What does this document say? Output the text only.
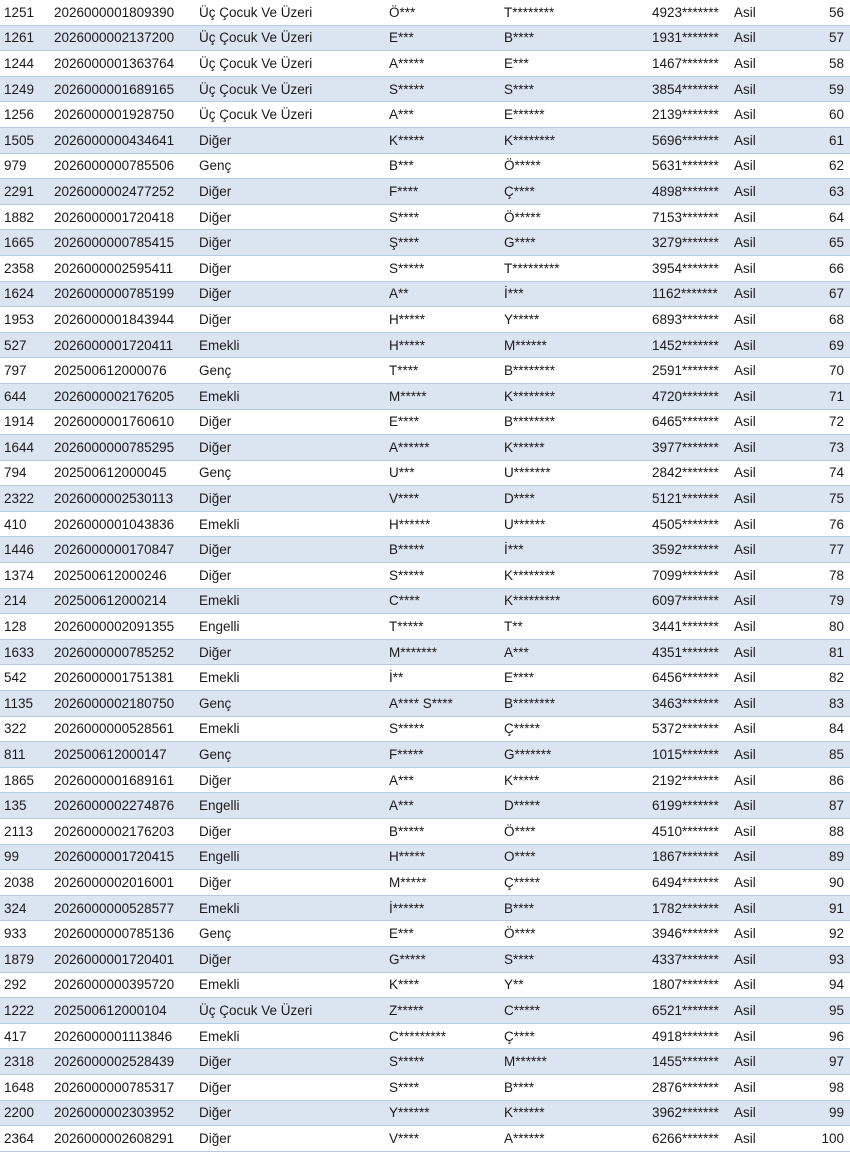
1251	2026000001809390	Üç Çocuk Ve Üzeri	Ö***	T********	4923*******	Asil	56
1261	2026000002137200	Üç Çocuk Ve Üzeri	E***	B****	1931*******	Asil	57
1244	2026000001363764	Üç Çocuk Ve Üzeri	A*****	E***	1467*******	Asil	58
1249	2026000001689165	Üç Çocuk Ve Üzeri	S*****	S****	3854*******	Asil	59
1256	2026000001928750	Üç Çocuk Ve Üzeri	A***	E******	2139*******	Asil	60
1505	2026000000434641	Diğer	K*****	K********	5696*******	Asil	61
979	2026000000785506	Genç	B***	Ö*****	5631*******	Asil	62
2291	2026000002477252	Diğer	F****	Ç****	4898*******	Asil	63
1882	2026000001720418	Diğer	S****	Ö*****	7153*******	Asil	64
1665	2026000000785415	Diğer	Ş****	G****	3279*******	Asil	65
2358	2026000002595411	Diğer	S*****	T*********	3954*******	Asil	66
1624	2026000000785199	Diğer	A**	İ***	1162*******	Asil	67
1953	2026000001843944	Diğer	H*****	Y*****	6893*******	Asil	68
527	2026000001720411	Emekli	H*****	M******	1452*******	Asil	69
797	202500612000076	Genç	T****	B********	2591*******	Asil	70
644	2026000002176205	Emekli	M*****	K********	4720*******	Asil	71
1914	2026000001760610	Diğer	E****	B********	6465*******	Asil	72
1644	2026000000785295	Diğer	A******	K******	3977*******	Asil	73
794	202500612000045	Genç	U***	U*******	2842*******	Asil	74
2322	2026000002530113	Diğer	V****	D****	5121*******	Asil	75
410	2026000001043836	Emekli	H******	U******	4505*******	Asil	76
1446	2026000000170847	Diğer	B*****	İ***	3592*******	Asil	77
1374	202500612000246	Diğer	S*****	K********	7099*******	Asil	78
214	202500612000214	Emekli	C****	K*********	6097*******	Asil	79
128	2026000002091355	Engelli	T*****	T**	3441*******	Asil	80
1633	2026000000785252	Diğer	M*******	A***	4351*******	Asil	81
542	2026000001751381	Emekli	İ**	E****	6456*******	Asil	82
1135	2026000002180750	Genç	A**** S****	B********	3463*******	Asil	83
322	2026000000528561	Emekli	S*****	Ç*****	5372*******	Asil	84
811	202500612000147	Genç	F*****	G*******	1015*******	Asil	85
1865	2026000001689161	Diğer	A***	K*****	2192*******	Asil	86
135	2026000002274876	Engelli	A***	D*****	6199*******	Asil	87
2113	2026000002176203	Diğer	B*****	Ö****	4510*******	Asil	88
99	2026000001720415	Engelli	H*****	O****	1867*******	Asil	89
2038	2026000002016001	Diğer	M*****	Ç*****	6494*******	Asil	90
324	2026000000528577	Emekli	İ******	B****	1782*******	Asil	91
933	2026000000785136	Genç	E***	Ö****	3946*******	Asil	92
1879	2026000001720401	Diğer	G*****	S****	4337*******	Asil	93
292	2026000000395720	Emekli	K****	Y**	1807*******	Asil	94
1222	202500612000104	Üç Çocuk Ve Üzeri	Z*****	C*****	6521*******	Asil	95
417	2026000001113846	Emekli	C*********	Ç****	4918*******	Asil	96
2318	2026000002528439	Diğer	S*****	M******	1455*******	Asil	97
1648	2026000000785317	Diğer	S****	B****	2876*******	Asil	98
2200	2026000002303952	Diğer	Y******	K******	3962*******	Asil	99
2364	2026000002608291	Diğer	V****	A******	6266*******	Asil	100
